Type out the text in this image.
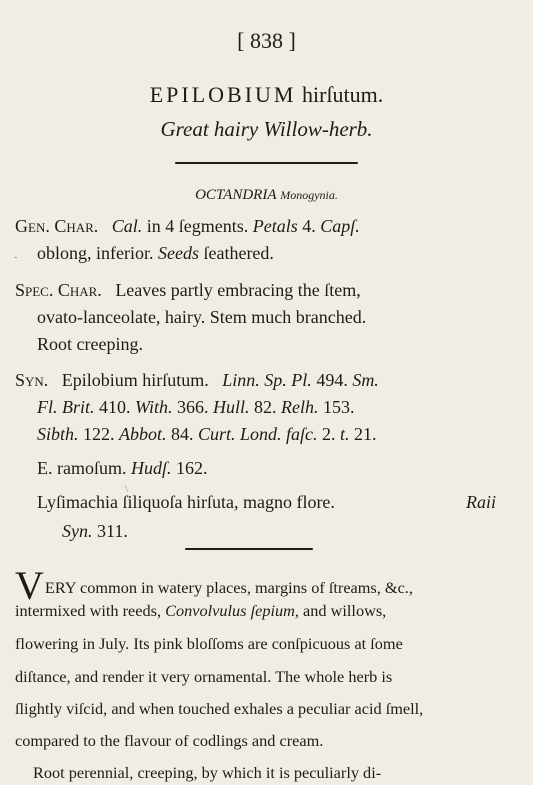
[ 838 ]
EPILOBIUM hirſutum.
Great hairy Willow-herb.
OCTANDRIA Monogynia.
Gen. Char. Cal. in 4 ſegments. Petals 4. Capſ.
oblong, inferior. Seeds ſeathered.
-
Spec. Char. Leaves partly embracing the ſtem,
ovato-lanceolate, hairy. Stem much branched.
Root creeping.
Syn. Epilobium hirſutum. Linn. Sp. Pl. 494. Sm.
Fl. Brit. 410. With. 366. Hull. 82. Relh. 153.
Sibth. 122. Abbot. 84. Curt. Lond. faſc. 2. t. 21.
E. ramoſum. Hudſ. 162.
\
Lyſimachia ſiliquoſa hirſuta, magno flore.	Raii
Syn. 311.
VERY common in watery places, margins of ſtreams, &c.,
intermixed with reeds, Convolvulus ſepium, and willows,
flowering in July. Its pink bloſſoms are conſpicuous at ſome
diſtance, and render it very ornamental. The whole herb is
ſlightly viſcid, and when touched exhales a peculiar acid ſmell,
compared to the flavour of codlings and cream.
Root perennial, creeping, by which it is peculiarly di-
